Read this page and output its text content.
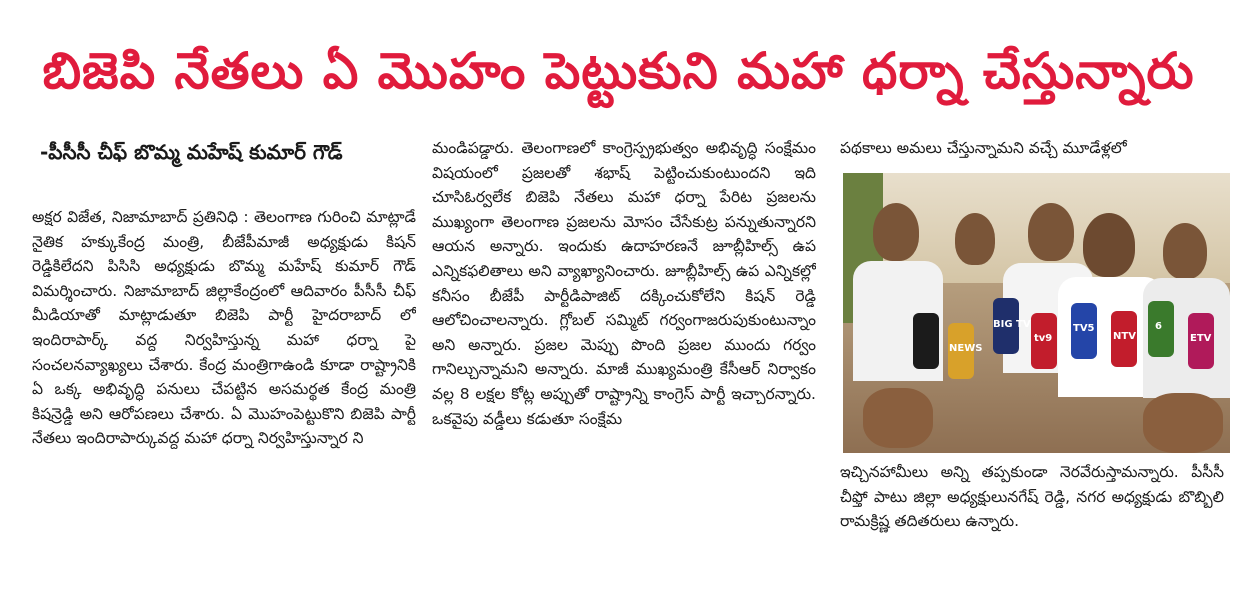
బిజెపి నేతలు ఏ మొహం పెట్టుకుని మహా ధర్నా చేస్తున్నారు
-పీసీసీ చీఫ్ బొమ్మ మహేష్ కుమార్ గౌడ్

అక్షర విజేత, నిజామాబాద్ ప్రతినిధి : తెలంగాణ గురించి మాట్లాడే నైతిక హక్కుకేంద్ర మంత్రి, బీజేపీమాజీ అధ్యక్షుడు కిషన్ రెడ్డికిలేదని పిసిసి అధ్యక్షుడు బొమ్మ మహేష్ కుమార్ గౌడ్ విమర్శించారు. నిజామాబాద్ జిల్లాకేంద్రంలో ఆదివారం పీసీసీ చీఫ్ మీడియాతో మాట్లాడుతూ బిజెపి పార్టీ హైదరాబాద్ లో ఇందిరాపార్క్ వద్ద నిర్వహిస్తున్న మహా ధర్నా పై సంచలనవ్యాఖ్యలు చేశారు. కేంద్ర మంత్రిగాఉండి కూడా రాష్ట్రానికి ఏ ఒక్క అభివృద్ధి పనులు చేపట్టిన అసమర్థత కేంద్ర మంత్రి కిషన్రెడ్డి అని ఆరోపణలు చేశారు. ఏ మొహంపెట్టుకొని బిజెపి పార్టీ నేతలు ఇందిరాపార్కువద్ద మహా ధర్నా నిర్వహిస్తున్నార ని

మండిపడ్డారు. తెలంగాణలో కాంగ్రెస్ప్రభుత్వం అభివృద్ధి సంక్షేమం విషయంలో ప్రజలతో శభాష్ పెట్టించుకుంటుందని ఇది చూసిఓర్వలేక బిజెపి నేతలు మహా ధర్నా పేరిట ప్రజలను ముఖ్యంగా తెలంగాణ ప్రజలను మోసం చేసేకుట్ర పన్నుతున్నారని ఆయన అన్నారు. ఇందుకు ఉదాహరణనే జూబ్లీహిల్స్ ఉప ఎన్నికఫలితాలు అని వ్యాఖ్యానించారు. జూబ్లీహిల్స్ ఉప ఎన్నికల్లో కనీసం బీజేపీ పార్టీడిపాజిట్ దక్కించుకోలేని కిషన్ రెడ్డి ఆలోచించాలన్నారు. గ్లోబల్ సమ్మిట్ గర్వంగాజరుపుకుంటున్నాం అని అన్నారు. ప్రజల మెప్పు పొంది ప్రజల ముందు గర్వం గానిల్చున్నామని అన్నారు. మాజీ ముఖ్యమంత్రి కేసీఆర్ నిర్వాకం వల్ల 8 లక్షల కోట్ల అప్పుతో రాష్ట్రాన్ని కాంగ్రెస్ పార్టీ ఇచ్చారన్నారు. ఒకవైపు వడ్డీలు కడుతూ సంక్షేమ

పథకాలు అమలు చేస్తున్నామని వచ్చే మూడేళ్లలో

NEWS
BIG TV
tv9
TV5
NTV
6
ETV

ఇచ్చినహామీలు అన్ని తప్పకుండా నెరవేరుస్తామన్నారు. పీసీసీ చీఫ్తో పాటు జిల్లా అధ్యక్షులునగేష్ రెడ్డి, నగర అధ్యక్షుడు బొబ్బిలి రామక్రిష్ణ తదితరులు ఉన్నారు.
